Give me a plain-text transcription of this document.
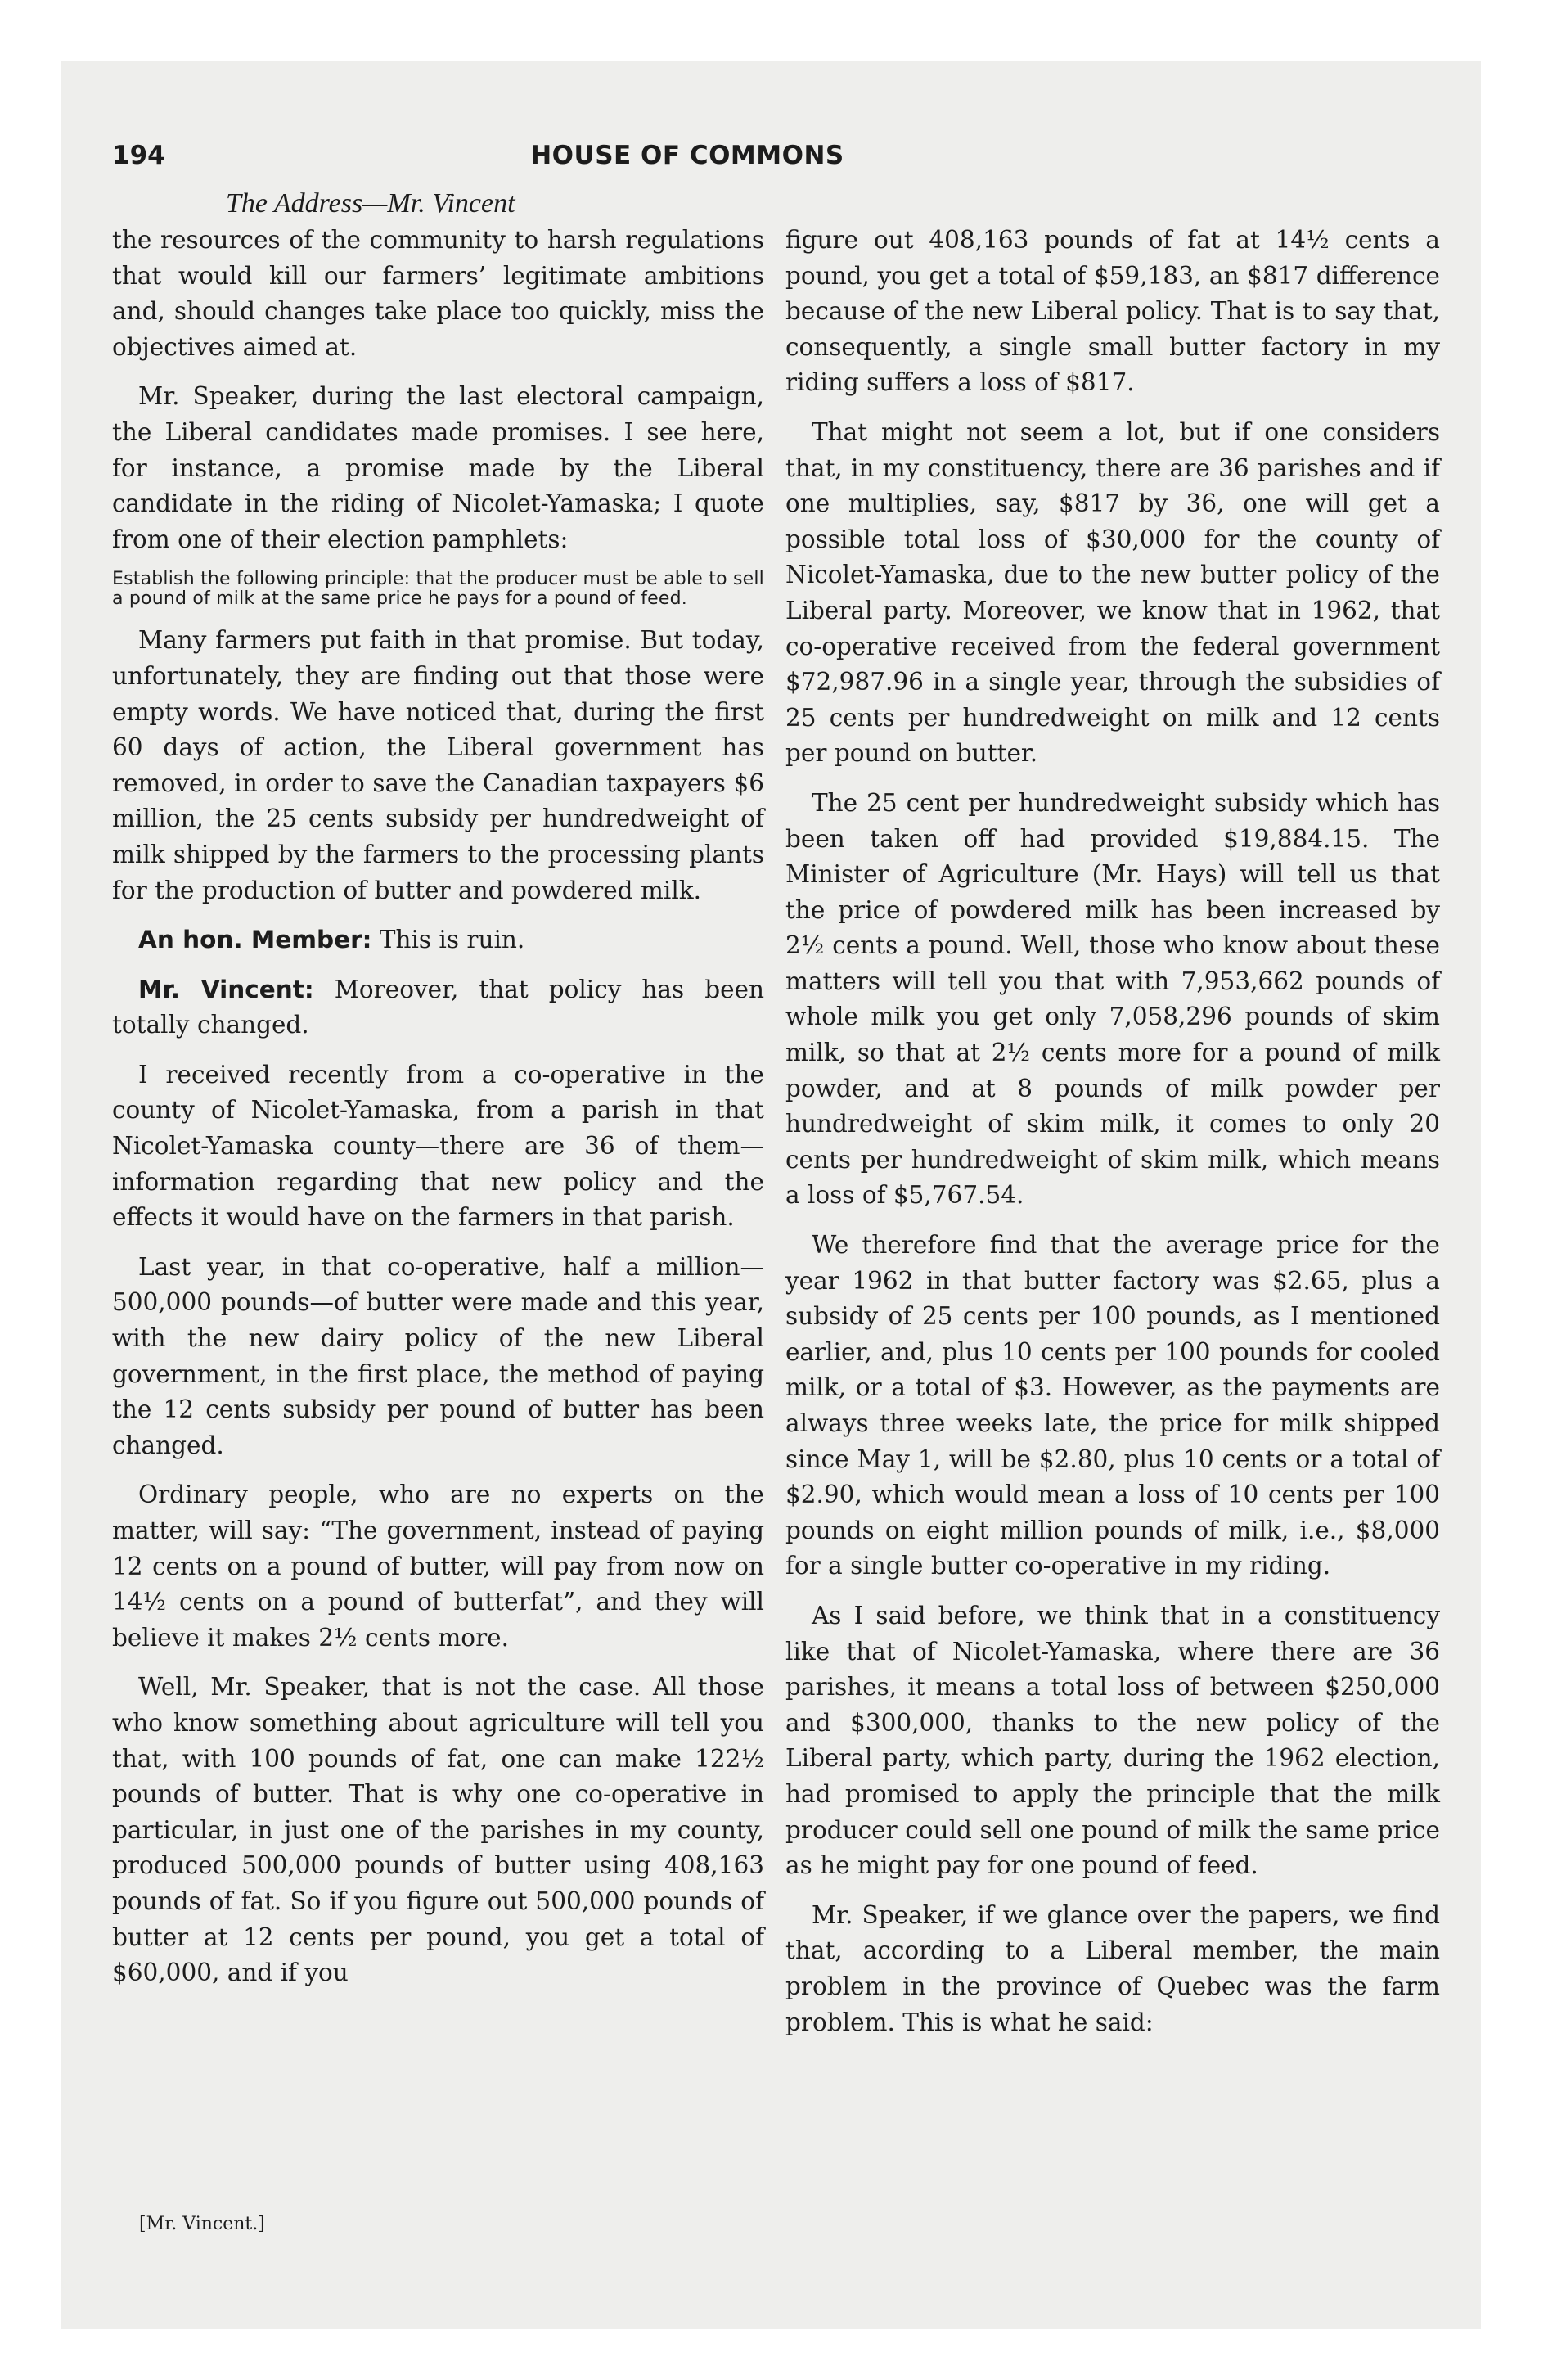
194	HOUSE OF COMMONS

The Address—Mr. Vincent

the resources of the community to harsh regulations that would kill our farmers’ legitimate ambitions and, should changes take place too quickly, miss the objectives aimed at.

Mr. Speaker, during the last electoral campaign, the Liberal candidates made promises. I see here, for instance, a promise made by the Liberal candidate in the riding of Nicolet-Yamaska; I quote from one of their election pamphlets:

Establish the following principle: that the producer must be able to sell a pound of milk at the same price he pays for a pound of feed.

Many farmers put faith in that promise. But today, unfortunately, they are finding out that those were empty words. We have noticed that, during the first 60 days of action, the Liberal government has removed, in order to save the Canadian taxpayers $6 million, the 25 cents subsidy per hundredweight of milk shipped by the farmers to the processing plants for the production of butter and powdered milk.

An hon. Member: This is ruin.

Mr. Vincent: Moreover, that policy has been totally changed.

I received recently from a co-operative in the county of Nicolet-Yamaska, from a parish in that Nicolet-Yamaska county—there are 36 of them—information regarding that new policy and the effects it would have on the farmers in that parish.

Last year, in that co-operative, half a million—500,000 pounds—of butter were made and this year, with the new dairy policy of the new Liberal government, in the first place, the method of paying the 12 cents subsidy per pound of butter has been changed.

Ordinary people, who are no experts on the matter, will say: “The government, instead of paying 12 cents on a pound of butter, will pay from now on 14½ cents on a pound of butterfat”, and they will believe it makes 2½ cents more.

Well, Mr. Speaker, that is not the case. All those who know something about agriculture will tell you that, with 100 pounds of fat, one can make 122½ pounds of butter. That is why one co-operative in particular, in just one of the parishes in my county, produced 500,000 pounds of butter using 408,163 pounds of fat. So if you figure out 500,000 pounds of butter at 12 cents per pound, you get a total of $60,000, and if you

[Mr. Vincent.]

figure out 408,163 pounds of fat at 14½ cents a pound, you get a total of $59,183, an $817 difference because of the new Liberal policy. That is to say that, consequently, a single small butter factory in my riding suffers a loss of $817.

That might not seem a lot, but if one considers that, in my constituency, there are 36 parishes and if one multiplies, say, $817 by 36, one will get a possible total loss of $30,000 for the county of Nicolet-Yamaska, due to the new butter policy of the Liberal party. Moreover, we know that in 1962, that co-operative received from the federal government $72,987.96 in a single year, through the subsidies of 25 cents per hundredweight on milk and 12 cents per pound on butter.

The 25 cent per hundredweight subsidy which has been taken off had provided $19,884.15. The Minister of Agriculture (Mr. Hays) will tell us that the price of powdered milk has been increased by 2½ cents a pound. Well, those who know about these matters will tell you that with 7,953,662 pounds of whole milk you get only 7,058,296 pounds of skim milk, so that at 2½ cents more for a pound of milk powder, and at 8 pounds of milk powder per hundredweight of skim milk, it comes to only 20 cents per hundredweight of skim milk, which means a loss of $5,767.54.

We therefore find that the average price for the year 1962 in that butter factory was $2.65, plus a subsidy of 25 cents per 100 pounds, as I mentioned earlier, and, plus 10 cents per 100 pounds for cooled milk, or a total of $3. However, as the payments are always three weeks late, the price for milk shipped since May 1, will be $2.80, plus 10 cents or a total of $2.90, which would mean a loss of 10 cents per 100 pounds on eight million pounds of milk, i.e., $8,000 for a single butter co-operative in my riding.

As I said before, we think that in a constituency like that of Nicolet-Yamaska, where there are 36 parishes, it means a total loss of between $250,000 and $300,000, thanks to the new policy of the Liberal party, which party, during the 1962 election, had promised to apply the principle that the milk producer could sell one pound of milk the same price as he might pay for one pound of feed.

Mr. Speaker, if we glance over the papers, we find that, according to a Liberal member, the main problem in the province of Quebec was the farm problem. This is what he said:
